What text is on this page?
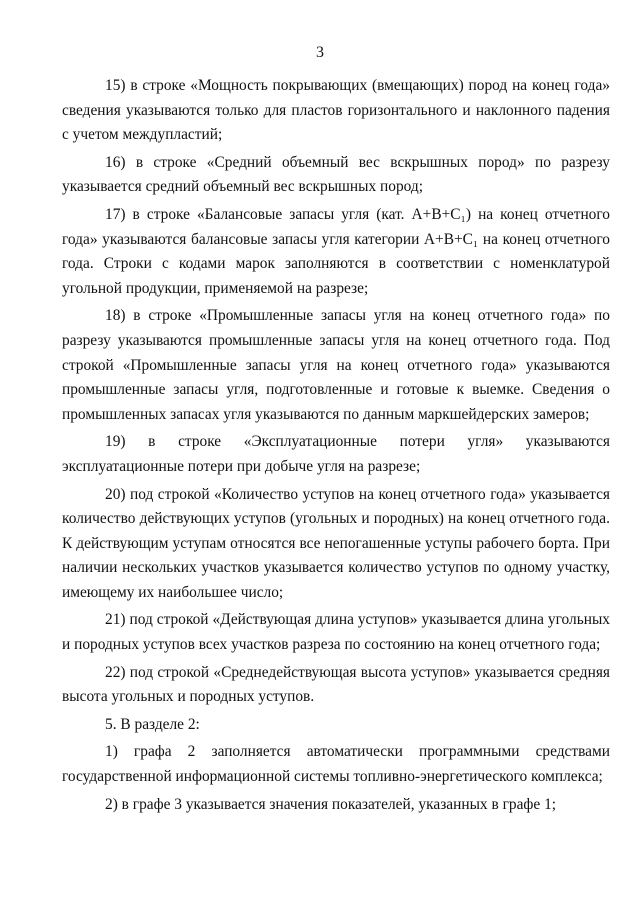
3

15) в строке «Мощность покрывающих (вмещающих) пород на конец года» сведения указываются только для пластов горизонтального и наклонного падения с учетом междупластий;

16) в строке «Средний объемный вес вскрышных пород» по разрезу указывается средний объемный вес вскрышных пород;

17) в строке «Балансовые запасы угля (кат. А+В+С₁) на конец отчетного года» указываются балансовые запасы угля категории А+В+С₁ на конец отчетного года. Строки с кодами марок заполняются в соответствии с номенклатурой угольной продукции, применяемой на разрезе;

18) в строке «Промышленные запасы угля на конец отчетного года» по разрезу указываются промышленные запасы угля на конец отчетного года. Под строкой «Промышленные запасы угля на конец отчетного года» указываются промышленные запасы угля, подготовленные и готовые к выемке. Сведения о промышленных запасах угля указываются по данным маркшейдерских замеров;

19) в строке «Эксплуатационные потери угля» указываются эксплуатационные потери при добыче угля на разрезе;

20) под строкой «Количество уступов на конец отчетного года» указывается количество действующих уступов (угольных и породных) на конец отчетного года. К действующим уступам относятся все непогашенные уступы рабочего борта. При наличии нескольких участков указывается количество уступов по одному участку, имеющему их наибольшее число;

21) под строкой «Действующая длина уступов» указывается длина угольных и породных уступов всех участков разреза по состоянию на конец отчетного года;

22) под строкой «Среднедействующая высота уступов» указывается средняя высота угольных и породных уступов.

5. В разделе 2:

1) графа 2 заполняется автоматически программными средствами государственной информационной системы топливно-энергетического комплекса;

2) в графе 3 указывается значения показателей, указанных в графе 1;
